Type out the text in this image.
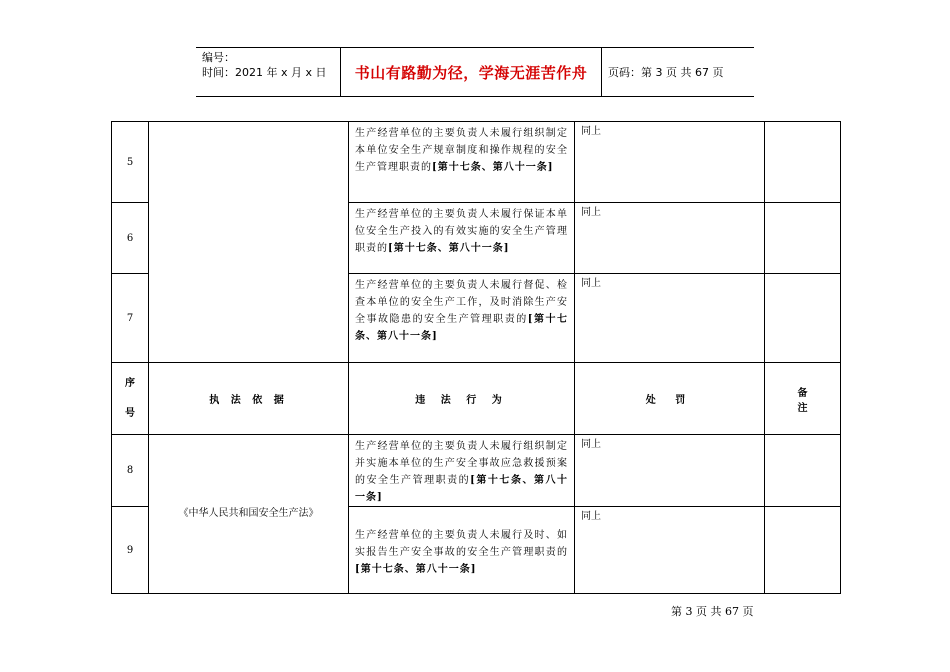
编号：
时间：2021 年 x 月 x 日	书山有路勤为径，学海无涯苦作舟	页码：第 3 页 共 67 页
5		生产经营单位的主要负责人未履行组织制定本单位安全生产规章制度和操作规程的安全生产管理职责的[第十七条、第八十一条]	同上	
6		生产经营单位的主要负责人未履行保证本单位安全生产投入的有效实施的安全生产管理职责的[第十七条、第八十一条]	同上	
7		生产经营单位的主要负责人未履行督促、检查本单位的安全生产工作，及时消除生产安全事故隐患的安全生产管理职责的[第十七条、第八十一条]	同上	

序
号	执 法 依 据	违 法 行 为	处 罚	备 注
8	《中华人民共和国安全生产法》	生产经营单位的主要负责人未履行组织制定并实施本单位的生产安全事故应急救援预案的安全生产管理职责的[第十七条、第八十一条]	同上	
9		生产经营单位的主要负责人未履行及时、如实报告生产安全事故的安全生产管理职责的[第十七条、第八十一条]	同上	
第 3 页 共 67 页
